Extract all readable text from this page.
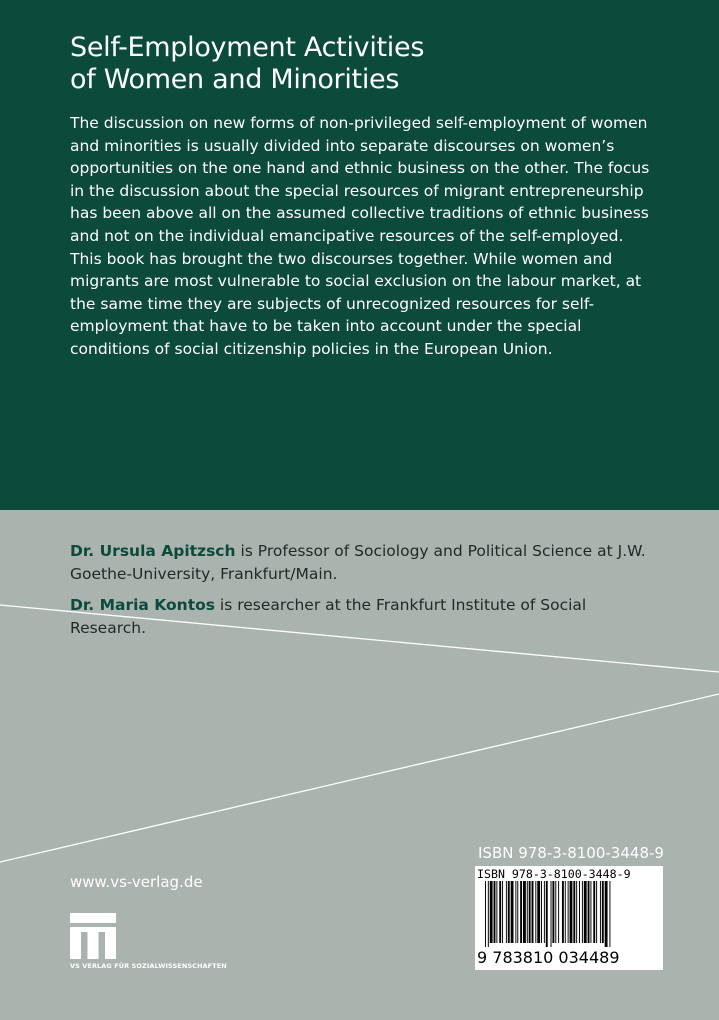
Self-Employment Activities
of Women and Minorities

The discussion on new forms of non-privileged self-employment of women and minorities is usually divided into separate discourses on women’s opportunities on the one hand and ethnic business on the other. The focus in the discussion about the special resources of migrant entrepreneurship has been above all on the assumed collective traditions of ethnic business and not on the individual emancipative resources of the self-employed. This book has brought the two discourses together. While women and migrants are most vulnerable to social exclusion on the labour market, at the same time they are subjects of unrecognized resources for self-employment that have to be taken into account under the special conditions of social citizenship policies in the European Union.

Dr. Ursula Apitzsch is Professor of Sociology and Political Science at J.W. Goethe-University, Frankfurt/Main.

Dr. Maria Kontos is researcher at the Frankfurt Institute of Social Research.

www.vs-verlag.de
VS VERLAG FÜR SOZIALWISSENSCHAFTEN
ISBN 978-3-8100-3448-9
ISBN 978-3-8100-3448-9
9 783810 034489
